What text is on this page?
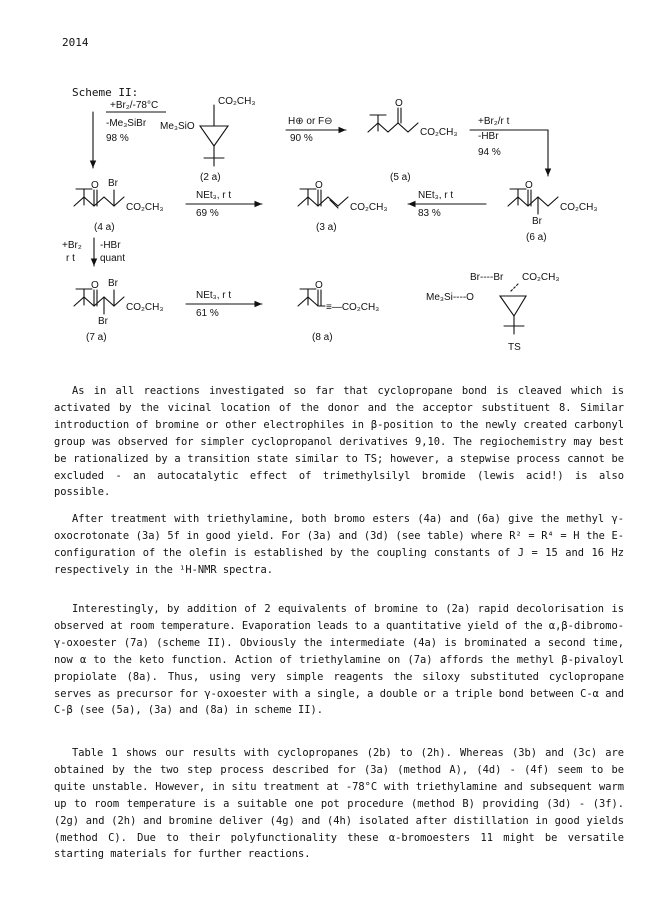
2014
Scheme II:
CO₂CH₃
Me₃SiO
(2 a)
O
CO₂CH₃
(5 a)
O Br
CO₂CH₃
(4 a)
O
CO₂CH₃
(3 a)
O
CO₂CH₃
Br
(6 a)
O Br
Br
CO₂CH₃
(7 a)
O
≡—CO₂CH₃
(8 a)
Br----Br CO₂CH₃
Me₃Si----O
TS
+Br₂/-78°C
-Me₃SiBr
98 %
H⊕ or F⊖
90 %
+Br₂/r t
-HBr
94 %
NEt₃, r t
69 %
NEt₃, r t
83 %
+Br₂
r t
-HBr
quant
NEt₃, r t
61 %

As in all reactions investigated so far that cyclopropane bond is cleaved which is activated by the vicinal location of the donor and the acceptor substituent 8. Similar introduction of bromine or other electrophiles in β-position to the newly created carbonyl group was observed for simpler cyclopropanol derivatives 9,10. The regiochemistry may best be rationalized by a transition state similar to TS; however, a stepwise process cannot be excluded - an autocatalytic effect of trimethylsilyl bromide (lewis acid!) is also possible.

After treatment with triethylamine, both bromo esters (4a) and (6a) give the methyl γ-oxocrotonate (3a) 5f in good yield. For (3a) and (3d) (see table) where R² = R⁴ = H the E-configuration of the olefin is established by the coupling constants of J = 15 and 16 Hz respectively in the ¹H-NMR spectra.

Interestingly, by addition of 2 equivalents of bromine to (2a) rapid decolorisation is observed at room temperature. Evaporation leads to a quantitative yield of the α,β-dibromo-γ-oxoester (7a) (scheme II). Obviously the intermediate (4a) is brominated a second time, now α to the keto function. Action of triethylamine on (7a) affords the methyl β-pivaloyl propiolate (8a). Thus, using very simple reagents the siloxy substituted cyclopropane serves as precursor for γ-oxoester with a single, a double or a triple bond between C-α and C-β (see (5a), (3a) and (8a) in scheme II).

Table 1 shows our results with cyclopropanes (2b) to (2h). Whereas (3b) and (3c) are obtained by the two step process described for (3a) (method A), (4d) - (4f) seem to be quite unstable. However, in situ treatment at -78°C with triethylamine and subsequent warm up to room temperature is a suitable one pot procedure (method B) providing (3d) - (3f). (2g) and (2h) and bromine deliver (4g) and (4h) isolated after distillation in good yields (method C). Due to their polyfunctionality these α-bromoesters 11 might be versatile starting materials for further reactions.
